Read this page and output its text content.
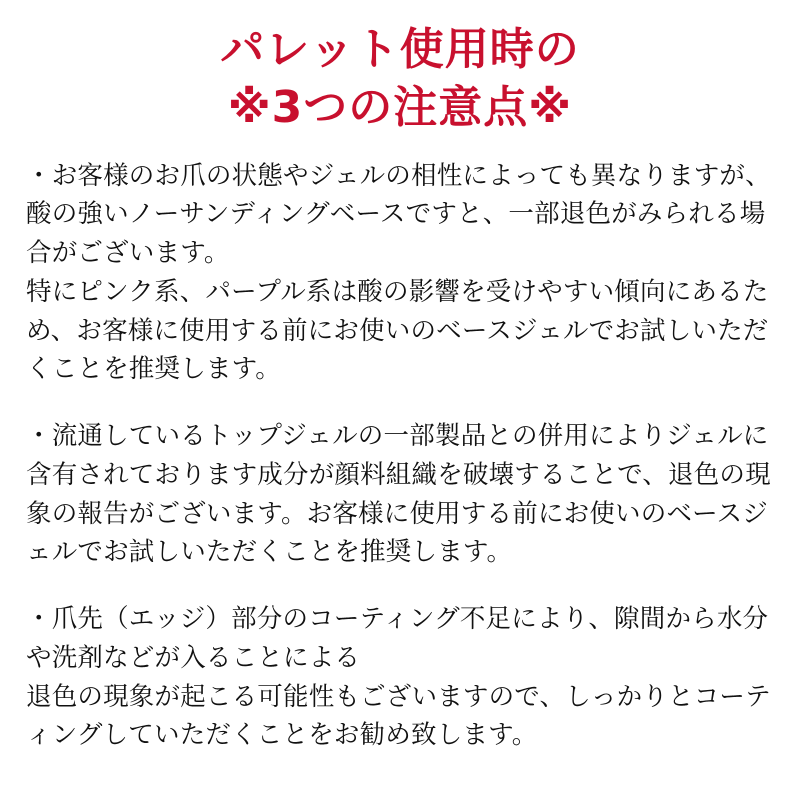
パレット使用時の
※3つの注意点※

・お客様のお爪の状態やジェルの相性によっても異なりますが、酸の強いノーサンディングベースですと、一部退色がみられる場合がございます。

特にピンク系、パープル系は酸の影響を受けやすい傾向にあるため、お客様に使用する前にお使いのベースジェルでお試しいただくことを推奨します。

・流通しているトップジェルの一部製品との併用によりジェルに含有されております成分が顔料組織を破壊することで、退色の現象の報告がございます。お客様に使用する前にお使いのベースジェルでお試しいただくことを推奨します。

・爪先（エッジ）部分のコーティング不足により、隙間から水分や洗剤などが入ることによる

退色の現象が起こる可能性もございますので、しっかりとコーティングしていただくことをお勧め致します。
